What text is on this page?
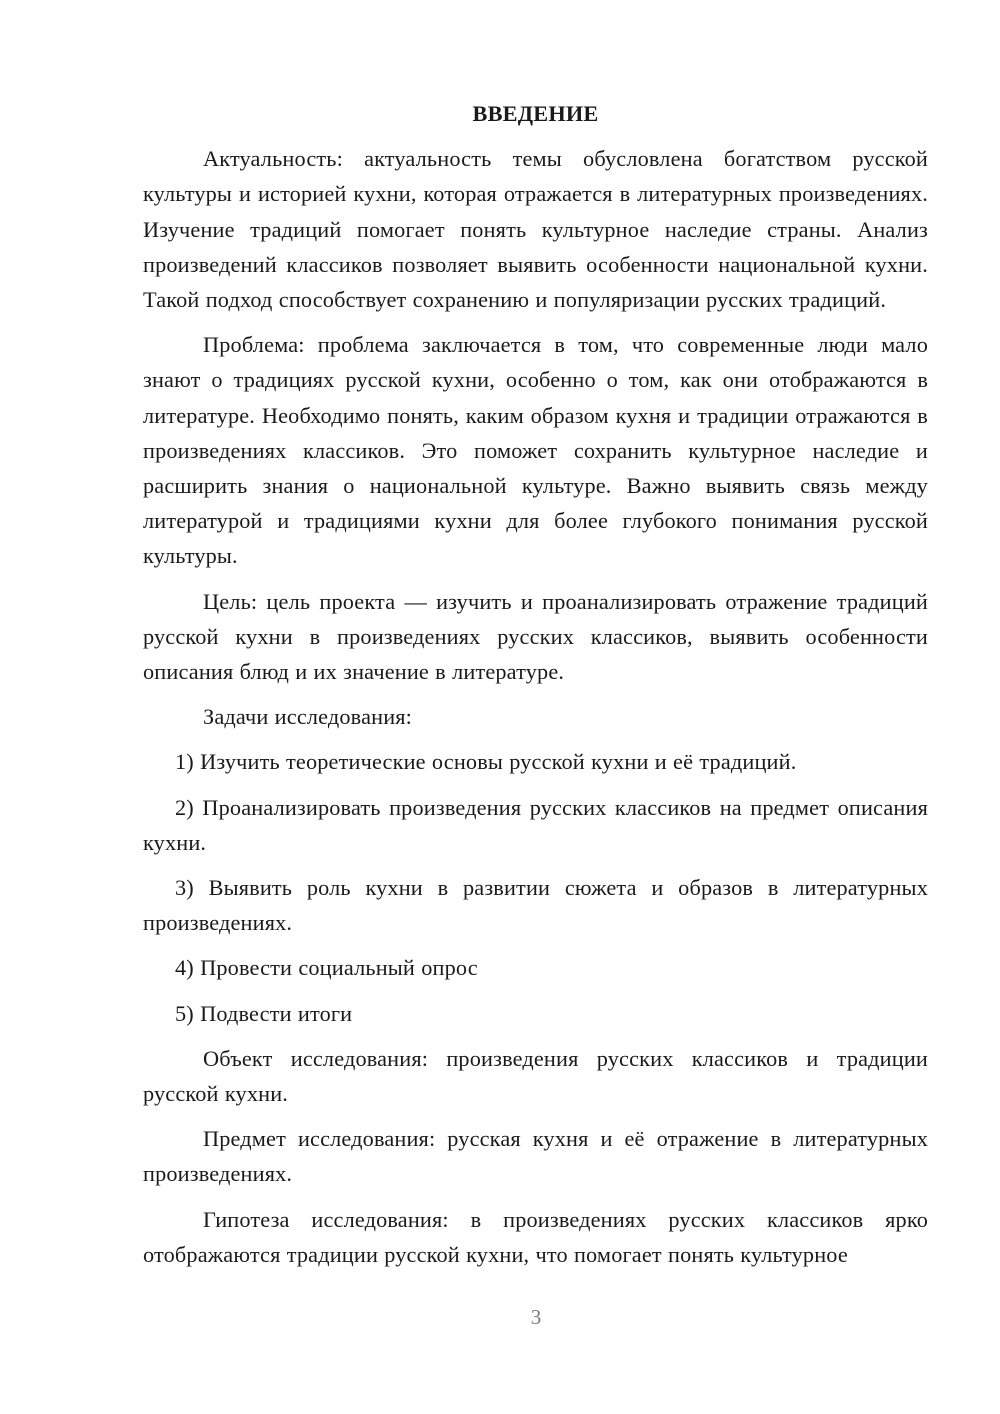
ВВЕДЕНИЕ

Актуальность: актуальность темы обусловлена богатством русской культуры и историей кухни, которая отражается в литературных произведениях. Изучение традиций помогает понять культурное наследие страны. Анализ произведений классиков позволяет выявить особенности национальной кухни. Такой подход способствует сохранению и популяризации русских традиций.

Проблема: проблема заключается в том, что современные люди мало знают о традициях русской кухни, особенно о том, как они отображаются в литературе. Необходимо понять, каким образом кухня и традиции отражаются в произведениях классиков. Это поможет сохранить культурное наследие и расширить знания о национальной культуре. Важно выявить связь между литературой и традициями кухни для более глубокого понимания русской культуры.

Цель: цель проекта — изучить и проанализировать отражение традиций русской кухни в произведениях русских классиков, выявить особенности описания блюд и их значение в литературе.

Задачи исследования:

1) Изучить теоретические основы русской кухни и её традиций.

2) Проанализировать произведения русских классиков на предмет описания кухни.

3) Выявить роль кухни в развитии сюжета и образов в литературных произведениях.

4) Провести социальный опрос

5) Подвести итоги

Объект исследования: произведения русских классиков и традиции русской кухни.

Предмет исследования: русская кухня и её отражение в литературных произведениях.

Гипотеза исследования: в произведениях русских классиков ярко отображаются традиции русской кухни, что помогает понять культурное

3
